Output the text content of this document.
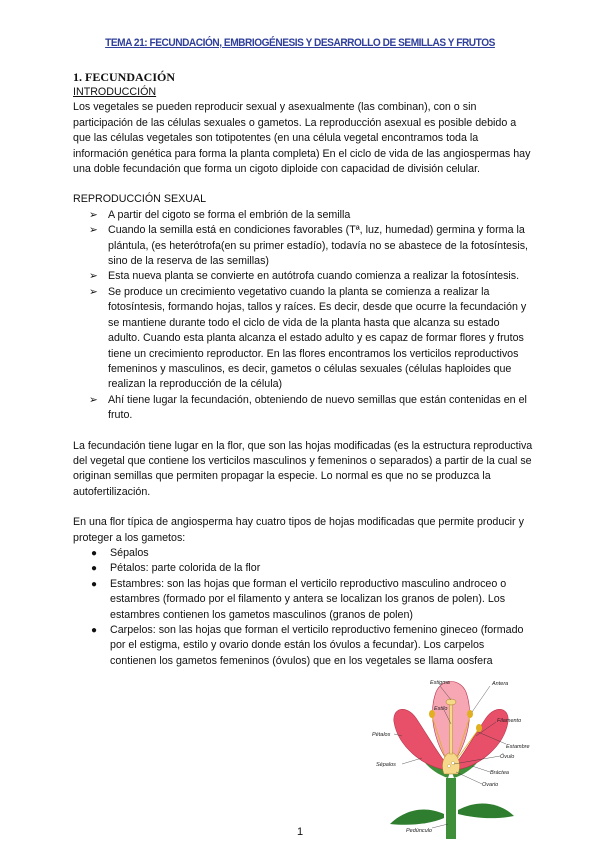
TEMA 21: FECUNDACIÓN, EMBRIOGÉNESIS Y DESARROLLO DE SEMILLAS Y FRUTOS

1. FECUNDACIÓN

INTRODUCCIÓN

Los vegetales se pueden reproducir sexual y asexualmente (las combinan), con o sin participación de las células sexuales o gametos. La reproducción asexual es posible debido a que las células vegetales son totipotentes (en una célula vegetal encontramos toda la información genética para forma la planta completa) En el ciclo de vida de las angiospermas hay una doble fecundación que forma un cigoto diploide con capacidad de división celular.

REPRODUCCIÓN SEXUAL

➢ A partir del cigoto se forma el embrión de la semilla
➢ Cuando la semilla está en condiciones favorables (Tª, luz, humedad) germina y forma la plántula, (es heterótrofa(en su primer estadío), todavía no se abastece de la fotosíntesis, sino de la reserva de las semillas)
➢ Esta nueva planta se convierte en autótrofa cuando comienza a realizar la fotosíntesis.
➢ Se produce un crecimiento vegetativo cuando la planta se comienza a realizar la fotosíntesis, formando hojas, tallos y raíces. Es decir, desde que ocurre la fecundación y se mantiene durante todo el ciclo de vida de la planta hasta que alcanza su estado adulto. Cuando esta planta alcanza el estado adulto y es capaz de formar flores y frutos tiene un crecimiento reproductor. En las flores encontramos los verticilos reproductivos femeninos y masculinos, es decir, gametos o células sexuales (células haploides que realizan la reproducción de la célula)
➢ Ahí tiene lugar la fecundación, obteniendo de nuevo semillas que están contenidas en el fruto.

La fecundación tiene lugar en la flor, que son las hojas modificadas (es la estructura reproductiva del vegetal que contiene los verticilos masculinos y femeninos o separados) a partir de la cual se originan semillas que permiten propagar la especie. Lo normal es que no se produzca la autofertilización.

En una flor típica de angiosperma hay cuatro tipos de hojas modificadas que permite producir y proteger a los gametos:

● Sépalos
● Pétalos: parte colorida de la flor
● Estambres: son las hojas que forman el verticilo reproductivo masculino androceo o estambres (formado por el filamento y antera se localizan los granos de polen). Los estambres contienen los gametos masculinos (granos de polen)
● Carpelos: son las hojas que forman el verticilo reproductivo femenino gineceo (formado por el estigma, estilo y ovario donde están los óvulos a fecundar). Los carpelos contienen los gametos femeninos (óvulos) que en los vegetales se llama oosfera
Estigma	Antera
Estilo
Filamento
Pétalos
Estambre
Óvulo
Sépalos
Bráctea
Ovario
Pedúnculo
1
